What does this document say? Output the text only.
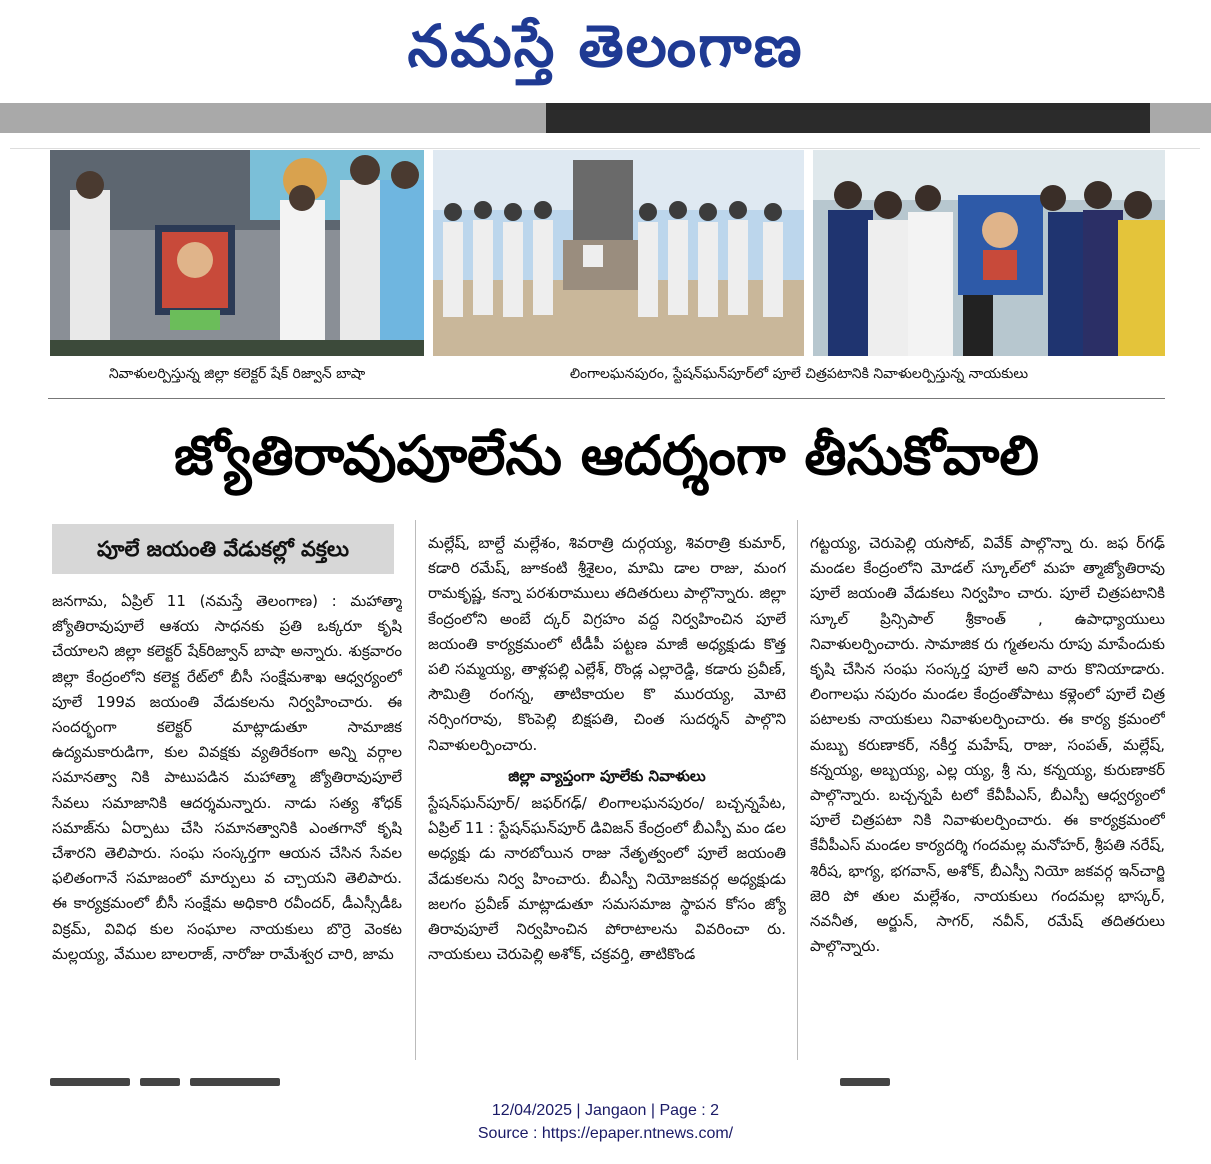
నమస్తే తెలంగాణ
నివాళులర్పిస్తున్న జిల్లా కలెక్టర్‌ షేక్‌ రిజ్వాన్‌ బాషా	లింగాలఘనపురం, స్టేషన్‌ఘన్‌పూర్‌లో పూలే చిత్రపటానికి నివాళులర్పిస్తున్న నాయకులు
జ్యోతిరావుపూలేను ఆదర్శంగా తీసుకోవాలి
పూలే జయంతి వేడుకల్లో వక్తలు

జనగామ, ఏప్రిల్‌ 11 (నమస్తే తెలంగాణ) : మహాత్మా జ్యోతిరావుపూలే ఆశయ సాధనకు ప్రతి ఒక్కరూ కృషి చేయాలని జిల్లా కలెక్టర్‌ షేక్‌రిజ్వాన్‌ బాషా అన్నారు. శుక్రవారం జిల్లా కేంద్రంలోని కలెక్ట రేట్‌లో బీసీ సంక్షేమశాఖ ఆధ్వర్యంలో పూలే 199వ జయంతి వేడుకలను నిర్వహించారు. ఈ సందర్భంగా కలెక్టర్‌ మాట్లాడుతూ సామాజిక ఉద్యమకారుడిగా, కుల వివక్షకు వ్యతిరేకంగా అన్ని వర్గాల సమానత్వా నికి పాటుపడిన మహాత్మా జ్యోతిరావుపూలే సేవలు సమాజానికి ఆదర్శమన్నారు. నాడు సత్య శోధక్‌ సమాజ్‌ను ఏర్పాటు చేసి సమానత్వానికి ఎంతగానో కృషి చేశారని తెలిపారు. సంఘ సంస్కర్తగా ఆయన చేసిన సేవల ఫలితంగానే సమాజంలో మార్పులు వ చ్చాయని తెలిపారు. ఈ కార్యక్రమంలో బీసీ సంక్షేమ అధికారి రవీందర్‌, డీఎస్సీడీఓ విక్రమ్‌, వివిధ కుల సంఘాల నాయకులు బొర్రె వెంకట మల్లయ్య, వేముల బాలరాజ్‌, నారోజు రామేశ్వర చారి, జామ

మల్లేష్‌, బాల్దే మల్లేశం, శివరాత్రి దుర్గయ్య, శివరాత్రి కుమార్‌, కడారి రమేష్‌, జూకంటి శ్రీశైలం, మామి డాల రాజు, మంగ రామకృష్ణ, కన్నా పరశురాములు తదితరులు పాల్గొన్నారు. జిల్లా కేంద్రంలోని అంబే ద్కర్‌ విగ్రహం వద్ద నిర్వహించిన పూలే జయంతి కార్యక్రమంలో టీడీపీ పట్టణ మాజీ అధ్యక్షుడు కొత్త పలి సమ్మయ్య, తాళ్లపల్లి ఎల్లేశ్‌, రొండ్ల ఎల్లారెడ్డి, కడారు ప్రవీణ్‌, సౌమిత్రి రంగన్న, తాటికాయల కొ మురయ్య, మోటె నర్సింగరావు, కొంపెల్లి బిక్షపతి, చింత సుదర్శన్‌ పాల్గొని నివాళులర్పించారు.

జిల్లా వ్యాప్తంగా పూలేకు నివాళులు

స్టేషన్‌ఘన్‌పూర్‌/ జఫర్‌గఢ్‌/ లింగాలఘనపురం/ బచ్చన్నపేట, ఏప్రిల్‌ 11 : స్టేషన్‌ఘన్‌పూర్‌ డివిజన్‌ కేంద్రంలో బీఎస్పీ మం డల అధ్యక్షు డు నారబోయిన రాజు నేతృత్వంలో పూలే జయంతి వేడుకలను నిర్వ హించారు. బీఎస్పీ నియోజకవర్గ అధ్యక్షుడు జలగం ప్రవీణ్‌ మాట్లాడుతూ సమసమాజ స్థాపన కోసం జ్యో తిరావుపూలే నిర్వహించిన పోరాటాలను వివరించా రు. నాయకులు చెరుపెల్లి అశోక్‌, చక్రవర్తి, తాటికొండ

గట్టయ్య, చెరుపెల్లి యసోబ్‌, వివేక్‌ పాల్గొన్నా రు. జఫ ర్‌గఢ్‌ మండల కేంద్రంలోని మోడల్‌ స్కూల్‌లో మహ త్మాజ్యోతిరావు పూలే జయంతి వేడుకలు నిర్వహిం చారు. పూలే చిత్రపటానికి స్కూల్‌ ప్రిన్సిపాల్‌ శ్రీకాంత్‌ , ఉపాధ్యాయులు నివాళులర్పించారు. సామాజిక రు గ్మతలను రూపు మాపేందుకు కృషి చేసిన సంఘ సంస్కర్త పూలే అని వారు కొనియాడారు. లింగాలఘ నపురం మండల కేంద్రంతోపాటు కళ్లెంలో పూలే చిత్ర పటాలకు నాయకులు నివాళులర్పించారు. ఈ కార్య క్రమంలో మబ్బు కరుణాకర్‌, నకీర్త మహేష్‌, రాజు, సంపత్‌, మల్లేష్‌, కన్నయ్య, అబ్బయ్య, ఎల్ల య్య, శ్రీ ను, కన్నయ్య, కురుణాకర్‌ పాల్గొన్నారు. బచ్చన్నపే టలో కేవీపీఎస్‌, బీఎస్పీ ఆధ్వర్యంలో పూలే చిత్రపటా నికి నివాళులర్పించారు. ఈ కార్యక్రమంలో కేవీపీఎస్‌ మండల కార్యదర్శి గందమల్ల మనోహర్‌, శ్రీపతి నరేష్‌, శిరీష, భాగ్య, భగవాన్‌, అశోక్‌, బీఎస్పీ నియో జకవర్గ ఇన్‌చార్జి జెరి పో తుల మల్లేశం, నాయకులు గందమల్ల భాస్కర్‌, నవనీత, అర్జున్‌, సాగర్‌, నవీన్‌, రమేష్‌ తదితరులు పాల్గొన్నారు.

12/04/2025 | Jangaon | Page : 2
Source : https://epaper.ntnews.com/
